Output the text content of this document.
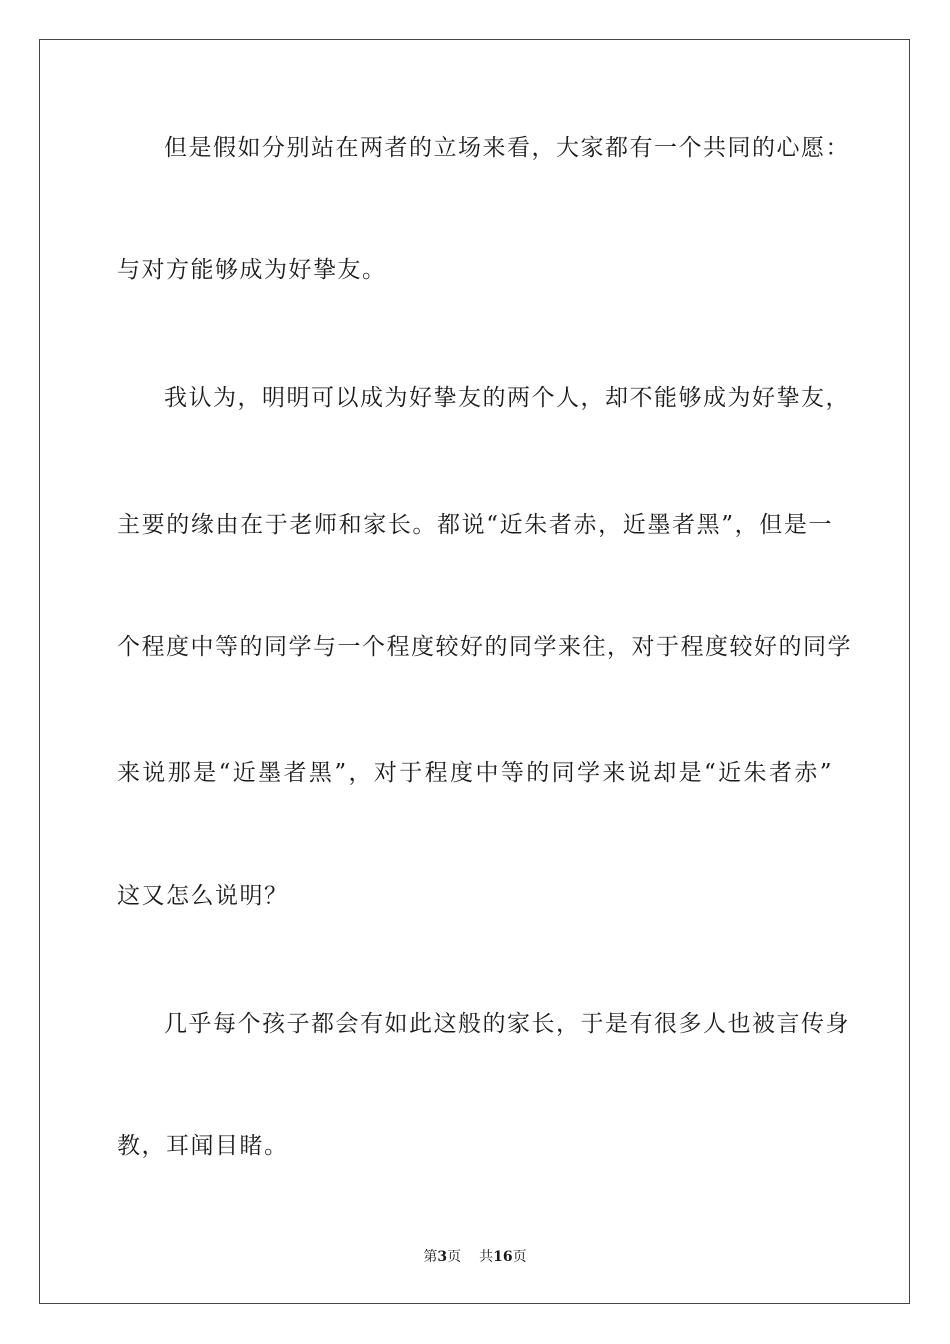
但是假如分别站在两者的立场来看，大家都有一个共同的心愿：
与对方能够成为好挚友。
我认为，明明可以成为好挚友的两个人，却不能够成为好挚友，
主要的缘由在于老师和家长。都说“近朱者赤，近墨者黑”，但是一
个程度中等的同学与一个程度较好的同学来往，对于程度较好的同学
来说那是“近墨者黑”，对于程度中等的同学来说却是“近朱者赤”
这又怎么说明？
几乎每个孩子都会有如此这般的家长，于是有很多人也被言传身
教，耳闻目睹。
第3页 共16页
